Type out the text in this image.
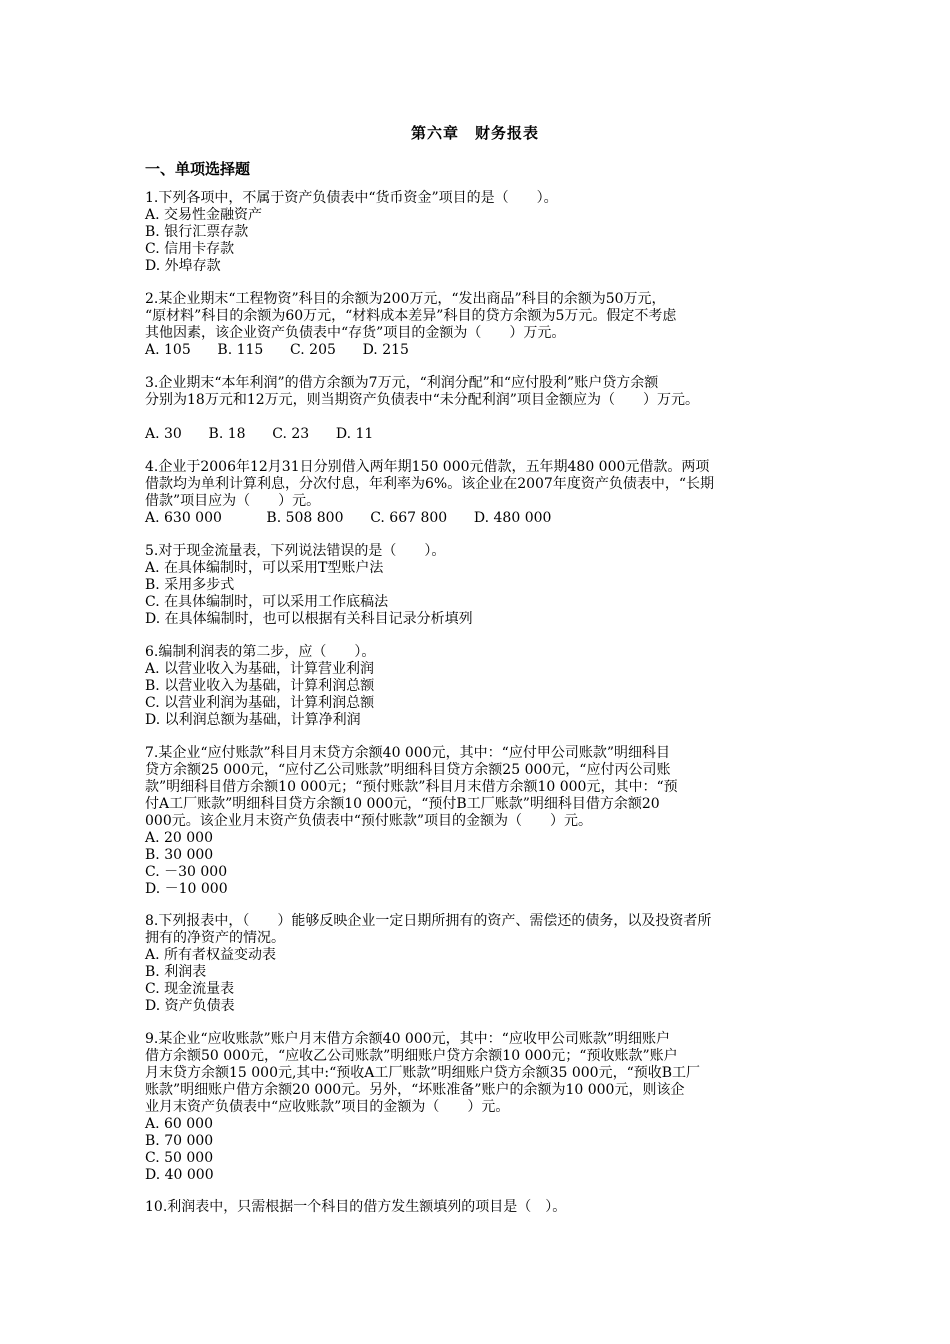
第六章　财务报表
一、单项选择题
1.下列各项中，不属于资产负债表中“货币资金”项目的是（　　）。
A. 交易性金融资产
B. 银行汇票存款
C. 信用卡存款
D. 外埠存款
2.某企业期末“工程物资”科目的余额为200万元，“发出商品”科目的余额为50万元，
“原材料”科目的余额为60万元，“材料成本差异”科目的贷方余额为5万元。假定不考虑
其他因素，该企业资产负债表中“存货”项目的金额为（　　）万元。
A. 105      B. 115      C. 205      D. 215
3.企业期末“本年利润”的借方余额为7万元，“利润分配”和“应付股利”账户贷方余额
分别为18万元和12万元，则当期资产负债表中“未分配利润”项目金额应为（　　）万元。
A. 30      B. 18      C. 23      D. 11
4.企业于2006年12月31日分别借入两年期150 000元借款，五年期480 000元借款。两项
借款均为单利计算利息，分次付息，年利率为6%。该企业在2007年度资产负债表中，“长期
借款”项目应为（　　）元。
A. 630 000          B. 508 800      C. 667 800      D. 480 000
5.对于现金流量表，下列说法错误的是（　　）。
A. 在具体编制时，可以采用T型账户法
B. 采用多步式
C. 在具体编制时，可以采用工作底稿法
D. 在具体编制时，也可以根据有关科目记录分析填列
6.编制利润表的第二步，应（　　）。
A. 以营业收入为基础，计算营业利润
B. 以营业收入为基础，计算利润总额
C. 以营业利润为基础，计算利润总额
D. 以利润总额为基础，计算净利润
7.某企业“应付账款”科目月末贷方余额40 000元，其中：“应付甲公司账款”明细科目
贷方余额25 000元，“应付乙公司账款”明细科目贷方余额25 000元，“应付丙公司账
款”明细科目借方余额10 000元；“预付账款”科目月末借方余额10 000元，其中：“预
付A工厂账款”明细科目贷方余额10 000元，“预付B工厂账款”明细科目借方余额20
000元。该企业月末资产负债表中“预付账款”项目的金额为（　　）元。
A. 20 000
B. 30 000
C. －30 000
D. －10 000
8.下列报表中，（　　）能够反映企业一定日期所拥有的资产、需偿还的债务，以及投资者所
拥有的净资产的情况。
A. 所有者权益变动表
B. 利润表
C. 现金流量表
D. 资产负债表
9.某企业“应收账款”账户月末借方余额40 000元，其中：“应收甲公司账款”明细账户
借方余额50 000元，“应收乙公司账款”明细账户贷方余额10 000元；“预收账款”账户
月末贷方余额15 000元,其中:“预收A工厂账款”明细账户贷方余额35 000元，“预收B工厂
账款”明细账户借方余额20 000元。另外，“坏账准备”账户的余额为10 000元，则该企
业月末资产负债表中“应收账款”项目的金额为（　　）元。
A. 60 000
B. 70 000
C. 50 000
D. 40 000
10.利润表中，只需根据一个科目的借方发生额填列的项目是（　）。
